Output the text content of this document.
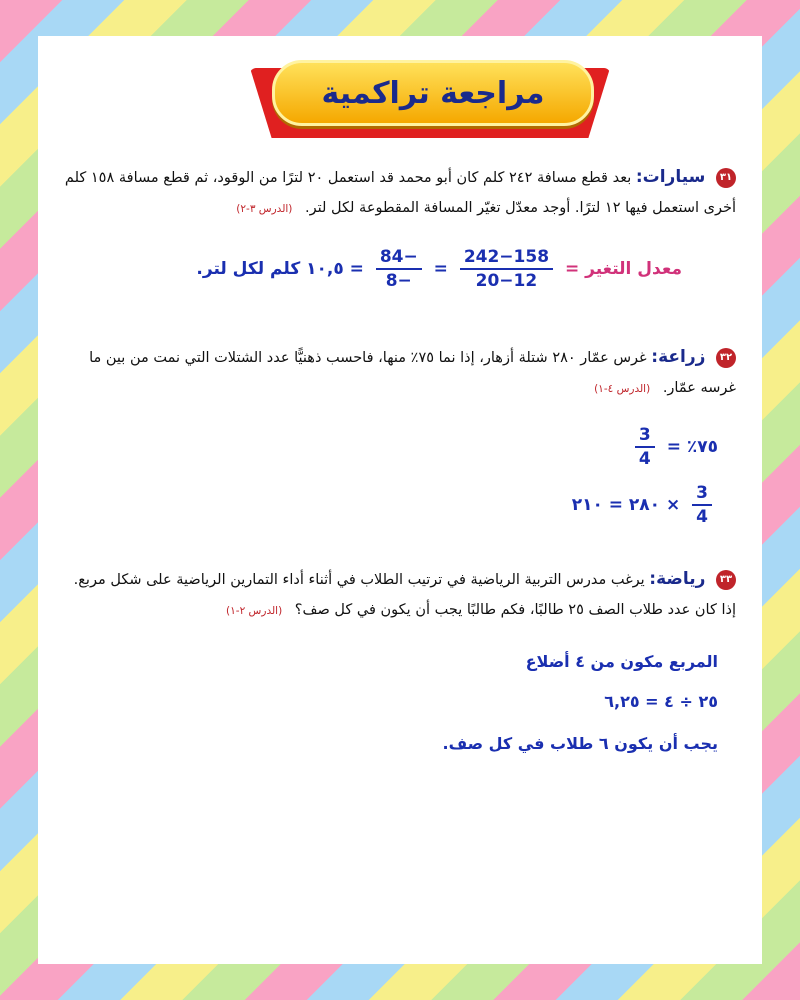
مراجعة تراكمية
٣١ سيارات: بعد قطع مسافة ٢٤٢ كلم كان أبو محمد قد استعمل ٢٠ لترًا من الوقود، ثم قطع مسافة ١٥٨ كلم
أخرى استعمل فيها ١٢ لترًا. أوجد معدّل تغيّر المسافة المقطوعة لكل لتر. (الدرس ٣-٢)
معدل التغير =
$\frac{242-158}{20-12}$
=
$\frac{84-}{8-}$
= ١٠,٥ كلم لكل لتر.
٣٢ زراعة: غرس عمّار ٢٨٠ شتلة أزهار، إذا نما ٧٥٪ منها، فاحسب ذهنيًّا عدد الشتلات التي نمت من بين ما
غرسه عمّار. (الدرس ٤-١)
٧٥٪ =
$\frac{3}{4}$
$\frac{3}{4}$
× ٢٨٠ = ٢١٠
٣٣ رياضة: يرغب مدرس التربية الرياضية في ترتيب الطلاب في أثناء أداء التمارين الرياضية على شكل مربع.
إذا كان عدد طلاب الصف ٢٥ طالبًا، فكم طالبًا يجب أن يكون في كل صف؟ (الدرس ٢-١)
المربع مكون من ٤ أضلاع
٢٥ ÷ ٤ = ٦,٢٥
يجب أن يكون ٦ طلاب في كل صف.
